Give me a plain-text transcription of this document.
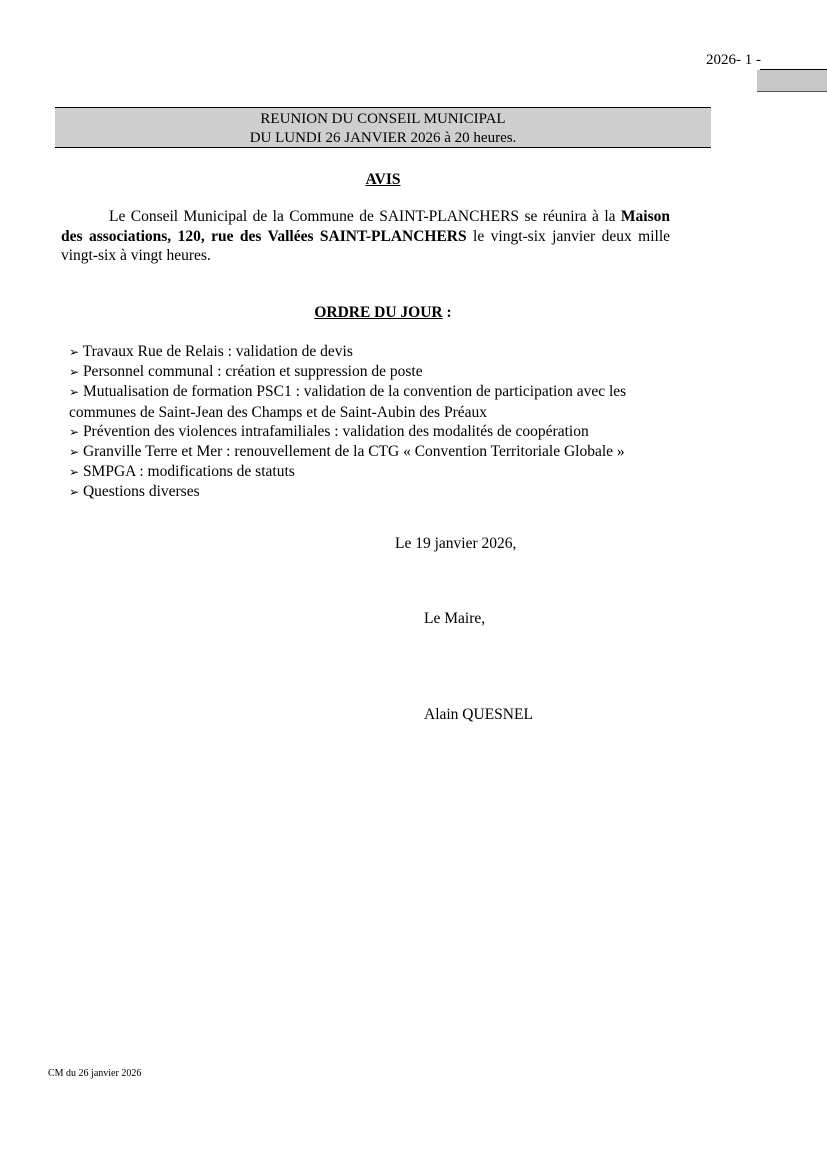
2026- 1 -
REUNION DU CONSEIL MUNICIPAL
DU LUNDI 26 JANVIER 2026 à 20 heures.
AVIS

Le Conseil Municipal de la Commune de SAINT-PLANCHERS se réunira à la Maison des associations, 120, rue des Vallées SAINT-PLANCHERS le vingt-six janvier deux mille vingt-six à vingt heures.

ORDRE DU JOUR :
➢ Travaux Rue de Relais : validation de devis
➢ Personnel communal : création et suppression de poste
➢ Mutualisation de formation PSC1 : validation de la convention de participation avec les communes de Saint-Jean des Champs et de Saint-Aubin des Préaux
➢ Prévention des violences intrafamiliales : validation des modalités de coopération
➢ Granville Terre et Mer : renouvellement de la CTG « Convention Territoriale Globale »
➢ SMPGA : modifications de statuts
➢ Questions diverses
Le 19 janvier 2026,
Le Maire,
Alain QUESNEL
CM du 26 janvier 2026
